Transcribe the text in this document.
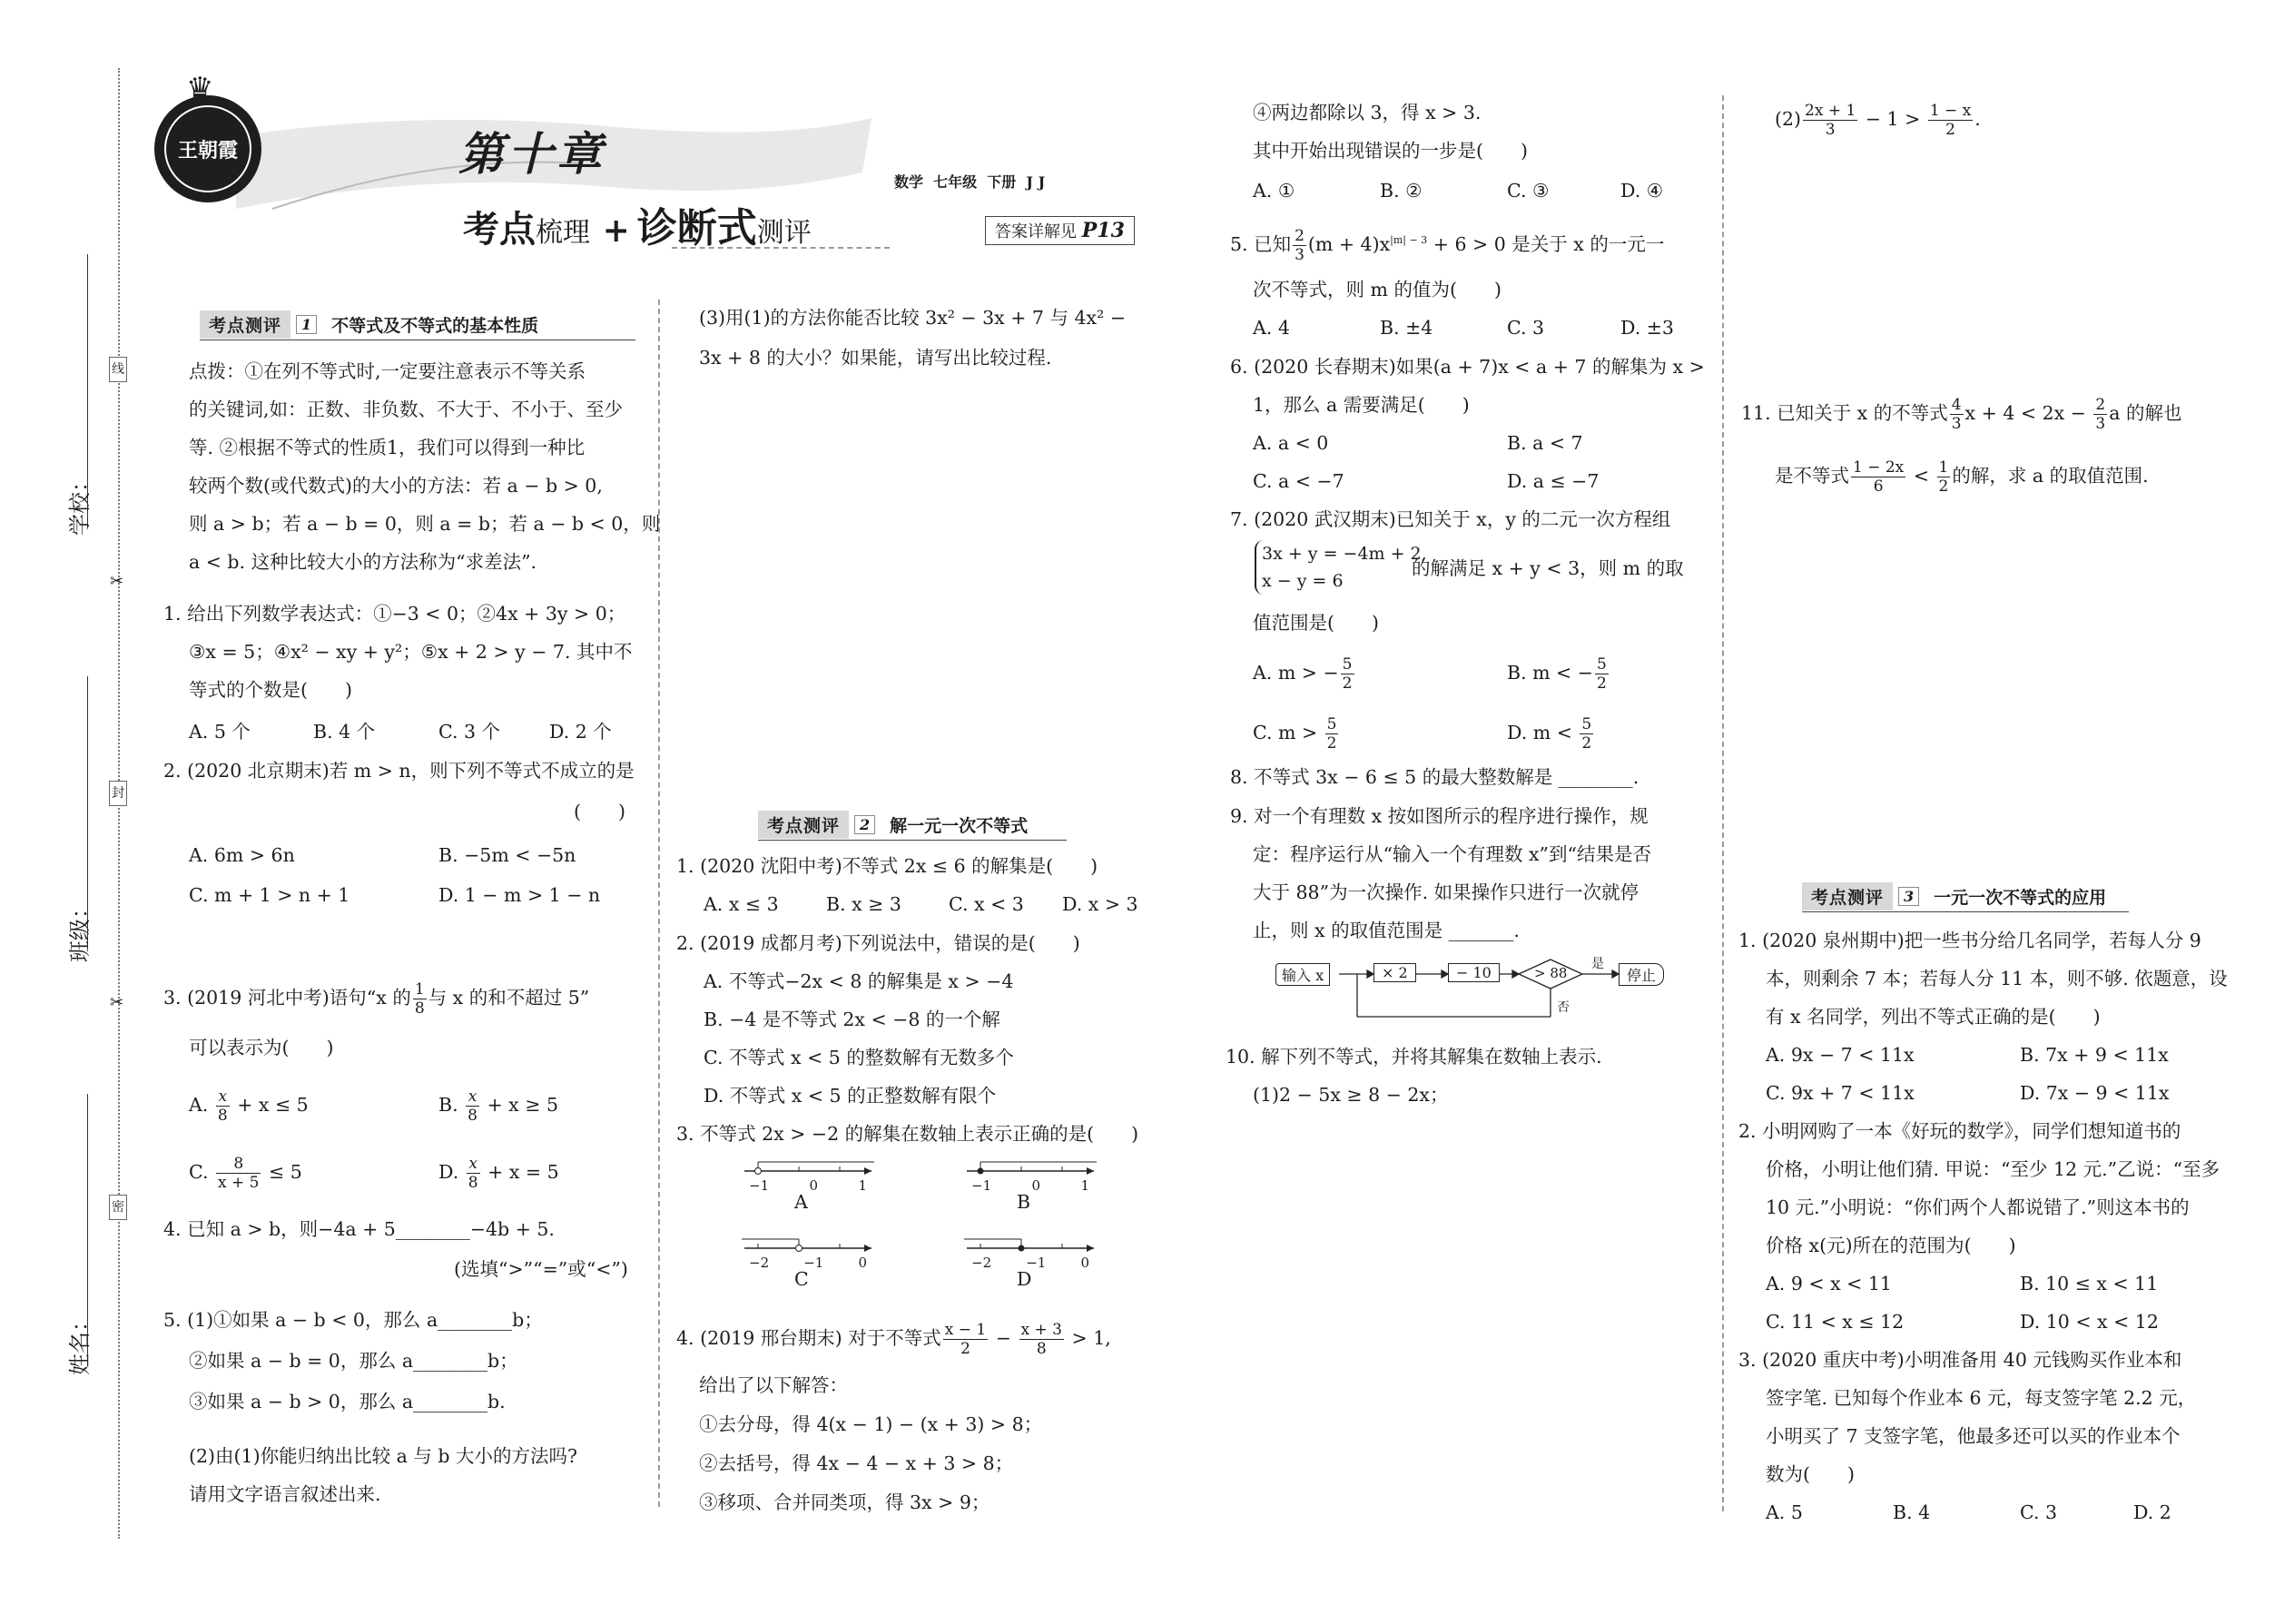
线
封
密
✂
✂
学校：
班级：
姓名：
王朝霞
♛
第十章
考点梳理 + 诊断式测评
数学  七年级  下册  J J
答案详解见 P13
考点测评	1	不等式及不等式的基本性质
点拨：①在列不等式时,一定要注意表示不等关系
的关键词,如：正数、非负数、不大于、不小于、至少
等. ②根据不等式的性质1，我们可以得到一种比
较两个数(或代数式)的大小的方法：若 a − b > 0,
则 a > b；若 a − b = 0，则 a = b；若 a − b < 0，则
a < b. 这种比较大小的方法称为“求差法”.
1. 给出下列数学表达式：①−3 < 0；②4x + 3y > 0；
③x = 5；④x² − xy + y²；⑤x + 2 > y − 7. 其中不
等式的个数是(　　)
A. 5 个	B. 4 个	C. 3 个	D. 2 个
2. (2020 北京期末)若 m > n，则下列不等式不成立的是
(　　)
A. 6m > 6n	B. −5m < −5n
C. m + 1 > n + 1	D. 1 − m > 1 − n
3. (2019 河北中考)语句“x 的 $\frac{1}{8}$ 与 x 的和不超过 5”
可以表示为(　　)
A. $\frac{x}{8} + x \le 5$	B. $\frac{x}{8} + x \ge 5$
C. $\frac{8}{x + 5} \le 5$	D. $\frac{x}{8} + x = 5$
4. 已知 a > b，则−4a + 5________−4b + 5.
(选填“>”“=”或“<”)
5. (1)①如果 a − b < 0，那么 a________b；
②如果 a − b = 0，那么 a________b；
③如果 a − b > 0，那么 a________b.
(2)由(1)你能归纳出比较 a 与 b 大小的方法吗?
请用文字语言叙述出来.
(3)用(1)的方法你能否比较 3x² − 3x + 7 与 4x² −
3x + 8 的大小？如果能，请写出比较过程.
考点测评	2	解一元一次不等式
1. (2020 沈阳中考)不等式 2x ≤ 6 的解集是(　　)
A. x ≤ 3	B. x ≥ 3	C. x < 3 D. x > 3
2. (2019 成都月考)下列说法中，错误的是(　　)
A. 不等式−2x < 8 的解集是 x > −4
B. −4 是不等式 2x < −8 的一个解
C. 不等式 x < 5 的整数解有无数多个
D. 不等式 x < 5 的正整数解有限个
3. 不等式 2x > −2 的解集在数轴上表示正确的是(　　)
−1	0	1
A
−1	0	1
B
−2	−1	0
C
−2	−1	0
D
4. (2019 邢台期末) 对于不等式 $\frac{x - 1}{2} - \frac{x + 3}{8} > 1$,
给出了以下解答：
①去分母，得 4(x − 1) − (x + 3) > 8；
②去括号，得 4x − 4 − x + 3 > 8；
③移项、合并同类项，得 3x > 9；
④两边都除以 3，得 x > 3.
其中开始出现错误的一步是(　　)
A. ①	B. ②	C. ③	D. ④
5. 已知 $\frac{2}{3} (m + 4)x^{|m| - 3} + 6 > 0$ 是关于 x 的一元一
次不等式，则 m 的值为(　　)
A. 4	B. ±4	C. 3	D. ±3
6. (2020 长春期末)如果(a + 7)x < a + 7 的解集为 x >
1，那么 a 需要满足(　　)
A. a < 0	B. a < 7
C. a < −7	D. a ≤ −7
7. (2020 武汉期末)已知关于 x，y 的二元一次方程组
3x + y = −4m + 2,
x − y = 6
的解满足 x + y < 3，则 m 的取
值范围是(　　)
A. m > − $\frac{5}{2}$	B. m < − $\frac{5}{2}$
C. $m > \frac{5}{2}$	D. $m < \frac{5}{2}$
8. 不等式 3x − 6 ≤ 5 的最大整数解是 ________.
9. 对一个有理数 x 按如图所示的程序进行操作，规
定：程序运行从“输入一个有理数 x”到“结果是否
大于 88”为一次操作. 如果操作只进行一次就停
止，则 x 的取值范围是 _______.
输入 x	× 2	− 10	> 88
是
否
停止
10. 解下列不等式，并将其解集在数轴上表示.
(1)2 − 5x ≥ 8 − 2x；
$(2) \frac{2x + 1}{3} - 1 > \frac{1 - x}{2}$ .
11. 已知关于 x 的不等式 $\frac{4}{3}$ $x + 4 < 2x - \frac{2}{3}$ a 的解也
是不等式 $\frac{1 - 2x}{6} < \frac{1}{2}$ 的解，求 a 的取值范围.
考点测评	3	一元一次不等式的应用
1. (2020 泉州期中)把一些书分给几名同学，若每人分 9
本，则剩余 7 本；若每人分 11 本，则不够. 依题意，设
有 x 名同学，列出不等式正确的是(　　)
A. 9x − 7 < 11x	B. 7x + 9 < 11x
C. 9x + 7 < 11x	D. 7x − 9 < 11x
2. 小明网购了一本《好玩的数学》，同学们想知道书的
价格，小明让他们猜. 甲说：“至少 12 元.”乙说：“至多
10 元.”小明说：“你们两个人都说错了.”则这本书的
价格 x(元)所在的范围为(　　)
A. 9 < x < 11	B. 10 ≤ x < 11
C. 11 < x ≤ 12	D. 10 < x < 12
3. (2020 重庆中考)小明准备用 40 元钱购买作业本和
签字笔. 已知每个作业本 6 元，每支签字笔 2.2 元，
小明买了 7 支签字笔，他最多还可以买的作业本个
数为(　　)
A. 5	B. 4	C. 3	D. 2
